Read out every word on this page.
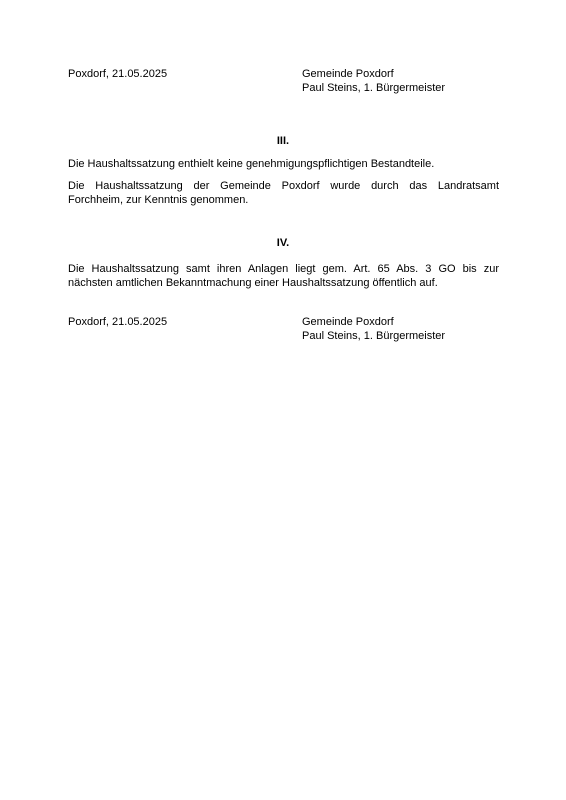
Poxdorf, 21.05.2025	Gemeinde Poxdorf
Paul Steins, 1. Bürgermeister
III.
Die Haushaltssatzung enthielt keine genehmigungspflichtigen Bestandteile.
Die Haushaltssatzung der Gemeinde Poxdorf wurde durch das Landratsamt
Forchheim, zur Kenntnis genommen.
IV.
Die Haushaltssatzung samt ihren Anlagen liegt gem. Art. 65 Abs. 3 GO bis zur
nächsten amtlichen Bekanntmachung einer Haushaltssatzung öffentlich auf.
Poxdorf, 21.05.2025	Gemeinde Poxdorf
Paul Steins, 1. Bürgermeister
